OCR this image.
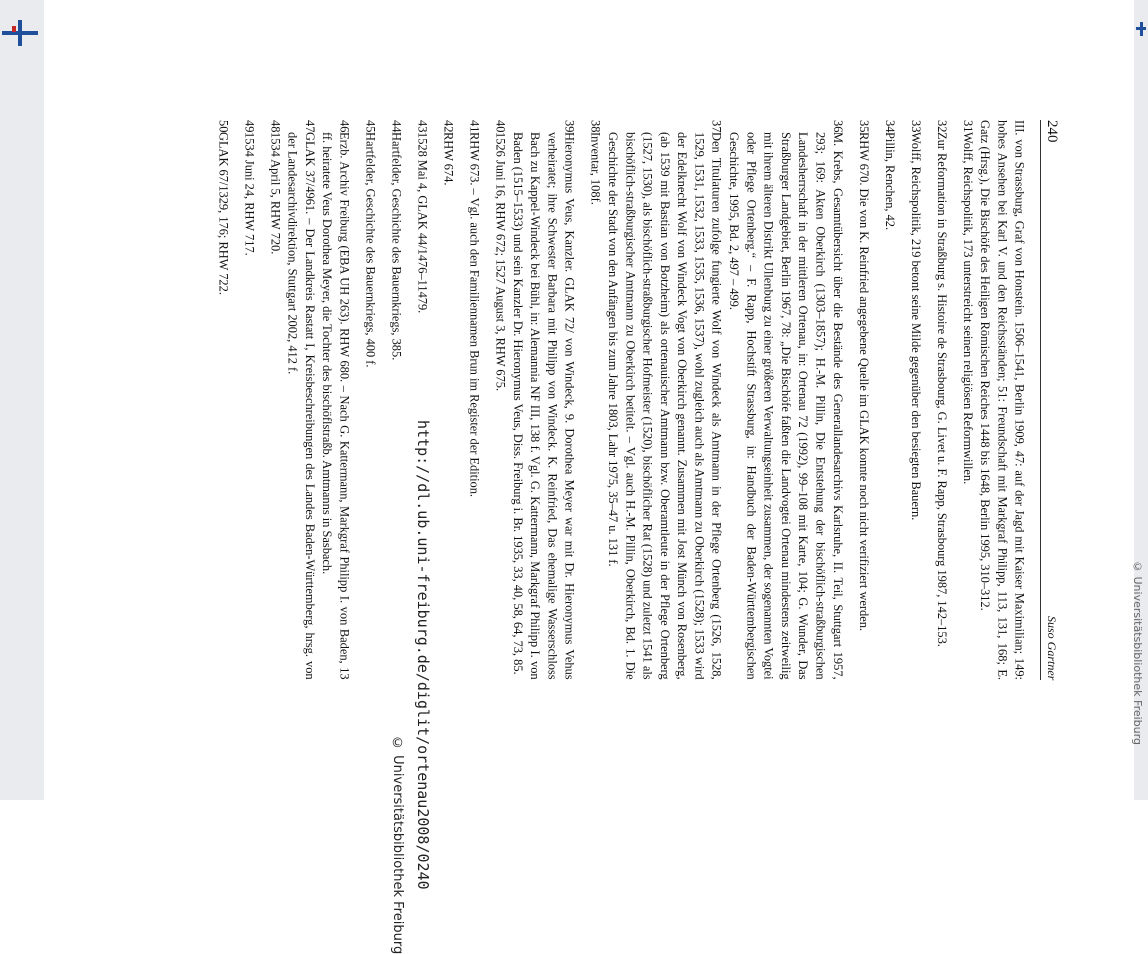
© Universitätsbibliothek Freiburg
240
Suso Gartner
III. von Strassburg, Graf von Honstein. 1506–1541, Berlin 1909, 47: auf der Jagd mit Kaiser Maximilian; 149: hohes Ansehen bei Karl V. und den Reichsständen; 51: Freundschaft mit Markgraf Philipp, 113, 131, 168; E. Gatz (Hrsg.), Die Bischöfe des Heiligen Römischen Reiches 1448 bis 1648, Berlin 1995, 310–312.
31
Wolff, Reichspolitik, 173 unterstreicht seinen religiösen Reformwillen.
32
Zur Reformation in Straßburg s. Histoire de Strasbourg, G. Livet u. F. Rapp, Strasbourg 1987, 142–153.
33
Wolff, Reichspolitik, 219 betont seine Milde gegenüber den besiegten Bauern.
34
Pillin, Renchen, 42.
35
RHW 670. Die von K. Reinfried angegebene Quelle im GLAK konnte noch nicht verifiziert werden.
36
M. Krebs, Gesamtübersicht über die Bestände des Generallandesarchivs Karlsruhe, II. Teil, Stuttgart 1957, 293; 169: Akten Oberkirch (1303–1857); H.-M. Pillin, Die Entstehung der bischöflich-straßburgischen Landesherrschaft in der mittleren Ortenau, in: Ortenau 72 (1992), 99–108 mit Karte, 104; G. Wunder, Das Straßburger Landgebiet, Berlin 1967, 78: „Die Bischöfe faßten die Landvogtei Ortenau mindestens zeitweilig mit ihrem älteren Distrikt Ullenburg zu einer größeren Verwaltungseinheit zusammen, der sogenannten Vogtei oder Pflege Ortenberg.“ – F. Rapp, Hochstift Strassburg, in: Handbuch der Baden-Württembergischen Geschichte, 1995, Bd. 2, 497 – 499.
37
Den Titulaturen zufolge fungierte Wolf von Windeck als Amtmann in der Pflege Ortenberg (1526, 1528, 1529, 1531, 1532, 1533, 1535, 1536, 1537), wohl zugleich auch als Amtmann zu Oberkirch (1528); 1533 wird der Edelknecht Wolf von Windeck Vogt von Oberkirch genannt. Zusammen mit Jost Münch von Rosenberg, (ab 1539 mit Bastian von Botzheim) als ortenauischer Amtmann bzw. Oberamtleute in der Pflege Ortenberg (1527, 1530), als bischöflich-straßburgischer Hofmeister (1520), bischöflicher Rat (1528) und zuletzt 1541 als bischöflich-straßburgischer Amtmann zu Oberkirch betitelt. – Vgl. auch H.-M. Pillin, Oberkirch, Bd. 1. Die Geschichte der Stadt von den Anfängen bis zum Jahre 1803, Lahr 1975, 35–47 u. 131 f.
38
Inventar, 108f.
39
Hieronymus Veus, Kanzler. GLAK 72/ von Windeck, 9. Dorothea Meyer war mit Dr. Hieronymus Vehus verheiratet; ihre Schwester Barbara mit Philipp von Windeck. K. Reinfried, Das ehemalige Wasserschloss Bach zu Kappel-Windeck bei Bühl, in: Alemannia NF III, 138 f. Vgl. G. Kattermann, Markgraf Philipp I. von Baden (1515–1533) und sein Kanzler Dr. Hieronymus Veus, Diss. Freiburg i. Br. 1935, 33, 40, 58, 64, 73, 85.
40
1526 Juni 16, RHW 672; 1527 August 3, RHW 675.
41
RHW 673. – Vgl. auch den Familiennamen Brun im Register der Edition.
42
RHW 674.
43
1528 Mai 4, GLAK 44/1476–11479.
44
Hartfelder, Geschichte des Bauernkriegs, 385.
45
Hartfelder, Geschichte des Bauernkriegs, 400 f.
46
Erzb. Archiv Freiburg (EBA UH 263). RHW 680. – Nach G. Kattermann, Markgraf Philipp I. von Baden, 13 ff. heiratete Veus Dorothea Meyer, die Tochter des bischöflstraßb. Amtmanns in Sasbach.
47
GLAK 37/4961. – Der Landkreis Rastatt I, Kreisbeschreibungen des Landes Baden-Württemberg, hrsg. von der Landesarchivdirektion, Stuttgart 2002, 412 f.
48
1534 April 5, RHW 720.
49
1534 Juni 24, RHW 717.
50
GLAK 67/1329, 176; RHW 722.
http://dl.ub.uni-freiburg.de/diglit/ortenau2008/0240
© Universitätsbibliothek Freiburg
